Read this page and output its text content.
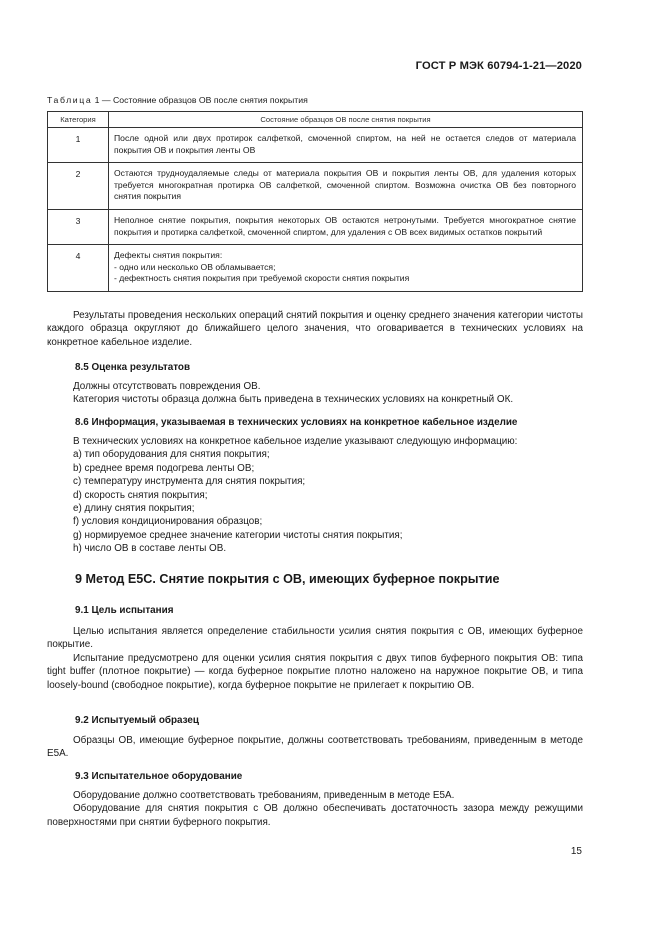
ГОСТ Р МЭК 60794-1-21—2020
Таблица 1 — Состояние образцов ОВ после снятия покрытия
Категория	Состояние образцов ОВ после снятия покрытия
1	После одной или двух протирок салфеткой, смоченной спиртом, на ней не остается следов от материала покрытия ОВ и покрытия ленты ОВ

2	Остаются трудноудаляемые следы от материала покрытия ОВ и покрытия ленты ОВ, для удаления которых требуется многократная протирка ОВ салфеткой, смоченной спиртом. Возможна очистка ОВ без повторного снятия покрытия

3	Неполное снятие покрытия, покрытия некоторых ОВ остаются нетронутыми. Требуется многократное снятие покрытия и протирка салфеткой, смоченной спиртом, для удаления с ОВ всех видимых остатков покрытий

4	Дефекты снятия покрытия:
- одно или несколько ОВ обламывается;
- дефектность снятия покрытия при требуемой скорости снятия покрытия

Результаты проведения нескольких операций снятий покрытия и оценку среднего значения категории чистоты каждого образца округляют до ближайшего целого значения, что оговаривается в технических условиях на конкретное кабельное изделие.

8.5 Оценка результатов

Должны отсутствовать повреждения ОВ.

Категория чистоты образца должна быть приведена в технических условиях на конкретный ОК.

8.6 Информация, указываемая в технических условиях на конкретное кабельное изделие

В технических условиях на конкретное кабельное изделие указывают следующую информацию:

a) тип оборудования для снятия покрытия;
b) среднее время подогрева ленты ОВ;
c) температуру инструмента для снятия покрытия;
d) скорость снятия покрытия;
e) длину снятия покрытия;
f) условия кондиционирования образцов;
g) нормируемое среднее значение категории чистоты снятия покрытия;
h) число ОВ в составе ленты ОВ.
9 Метод Е5С. Снятие покрытия с ОВ, имеющих буферное покрытие
9.1 Цель испытания

Целью испытания является определение стабильности усилия снятия покрытия с ОВ, имеющих буферное покрытие.

Испытание предусмотрено для оценки усилия снятия покрытия с двух типов буферного покрытия ОВ: типа tight buffer (плотное покрытие) — когда буферное покрытие плотно наложено на наружное покрытие ОВ, и типа loosely-bound (свободное покрытие), когда буферное покрытие не прилегает к покрытию ОВ.

9.2 Испытуемый образец

Образцы ОВ, имеющие буферное покрытие, должны соответствовать требованиям, приведенным в методе Е5А.

9.3 Испытательное оборудование

Оборудование должно соответствовать требованиям, приведенным в методе Е5А.

Оборудование для снятия покрытия с ОВ должно обеспечивать достаточность зазора между режущими поверхностями при снятии буферного покрытия.

15
